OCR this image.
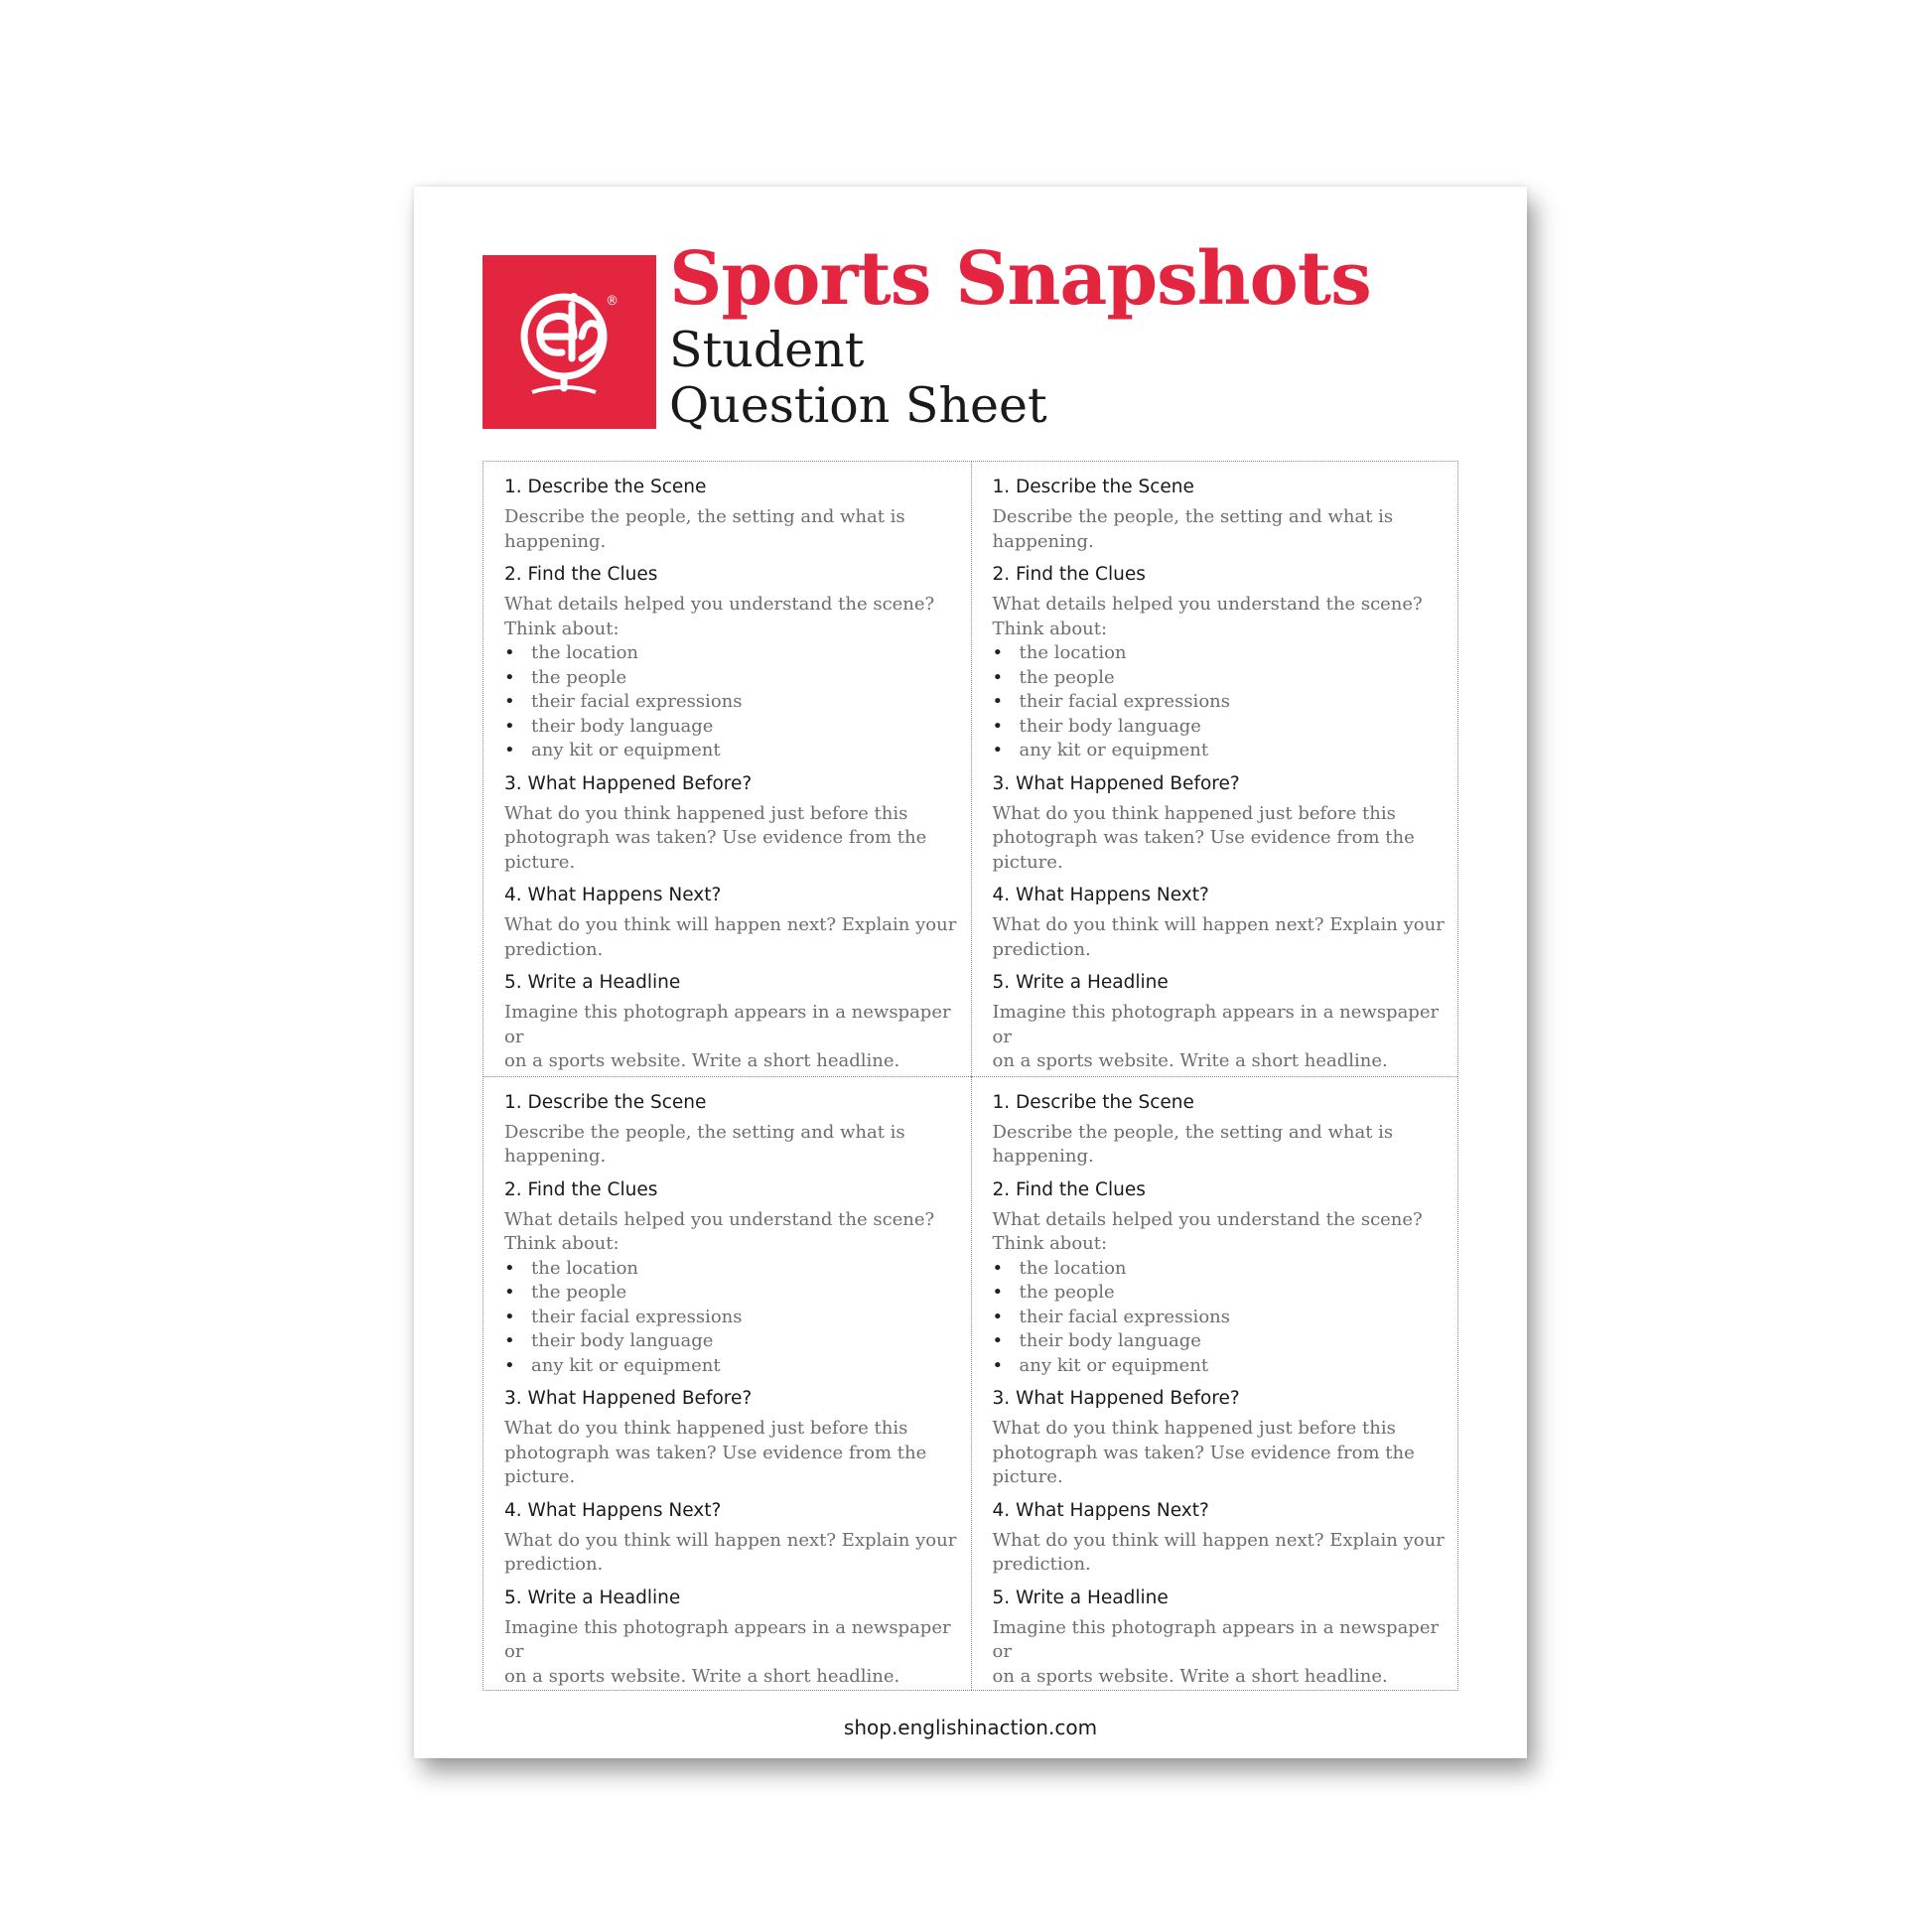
® Sports Snapshots
Student
Question Sheet
1. Describe the Scene
Describe the people, the setting and what is
happening.
2. Find the Clues
What details helped you understand the scene?
Think about:
• the location
• the people
• their facial expressions
• their body language
• any kit or equipment
3. What Happened Before?
What do you think happened just before this
photograph was taken? Use evidence from the
picture.
4. What Happens Next?
What do you think will happen next? Explain your
prediction.
5. Write a Headline
Imagine this photograph appears in a newspaper or
on a sports website. Write a short headline.
1. Describe the Scene
Describe the people, the setting and what is
happening.
2. Find the Clues
What details helped you understand the scene?
Think about:
• the location
• the people
• their facial expressions
• their body language
• any kit or equipment
3. What Happened Before?
What do you think happened just before this
photograph was taken? Use evidence from the
picture.
4. What Happens Next?
What do you think will happen next? Explain your
prediction.
5. Write a Headline
Imagine this photograph appears in a newspaper or
on a sports website. Write a short headline.
1. Describe the Scene
Describe the people, the setting and what is
happening.
2. Find the Clues
What details helped you understand the scene?
Think about:
• the location
• the people
• their facial expressions
• their body language
• any kit or equipment
3. What Happened Before?
What do you think happened just before this
photograph was taken? Use evidence from the
picture.
4. What Happens Next?
What do you think will happen next? Explain your
prediction.
5. Write a Headline
Imagine this photograph appears in a newspaper or
on a sports website. Write a short headline.
1. Describe the Scene
Describe the people, the setting and what is
happening.
2. Find the Clues
What details helped you understand the scene?
Think about:
• the location
• the people
• their facial expressions
• their body language
• any kit or equipment
3. What Happened Before?
What do you think happened just before this
photograph was taken? Use evidence from the
picture.
4. What Happens Next?
What do you think will happen next? Explain your
prediction.
5. Write a Headline
Imagine this photograph appears in a newspaper or
on a sports website. Write a short headline.
shop.englishinaction.com
